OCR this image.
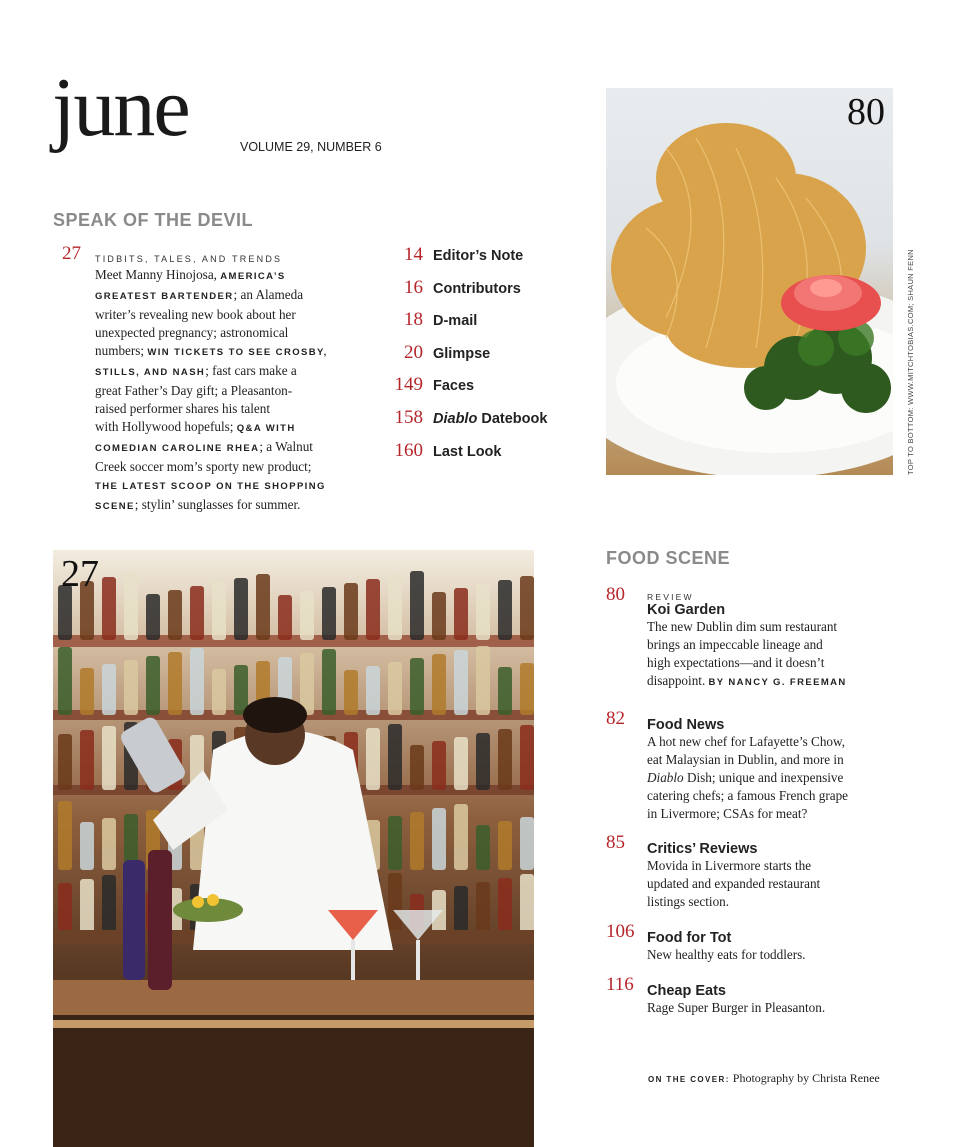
june	VOLUME 29, NUMBER 6
SPEAK OF THE DEVIL
27 TIDBITS, TALES, AND TRENDS
Meet Manny Hinojosa, AMERICA’S
GREATEST BARTENDER; an Alameda
writer’s revealing new book about her
unexpected pregnancy; astronomical
numbers; WIN TICKETS TO SEE CROSBY,
STILLS, AND NASH; fast cars make a
great Father’s Day gift; a Pleasanton-
raised performer shares his talent
with Hollywood hopefuls; Q&A WITH
COMEDIAN CAROLINE RHEA; a Walnut
Creek soccer mom’s sporty new product;
THE LATEST SCOOP ON THE SHOPPING
SCENE; stylin’ sunglasses for summer.
14 Editor’s Note
16 Contributors
18 D-mail
20 Glimpse
149 Faces
158 Diablo Datebook
160 Last Look
80
TOP TO BOTTOM: WWW.MITCHTOBIAS.COM; SHAUN FENN
27	FOOD SCENE
80	REVIEW
Koi Garden
The new Dublin dim sum restaurant
brings an impeccable lineage and
high expectations—and it doesn’t
disappoint. BY NANCY G. FREEMAN
82 Food News
A hot new chef for Lafayette’s Chow,
eat Malaysian in Dublin, and more in
Diablo Dish; unique and inexpensive
catering chefs; a famous French grape
in Livermore; CSAs for meat?
85 Critics’ Reviews
Movida in Livermore starts the
updated and expanded restaurant
listings section.
106 Food for Tot
New healthy eats for toddlers.
116 Cheap Eats
Rage Super Burger in Pleasanton.
ON THE COVER: Photography by Christa Renee
